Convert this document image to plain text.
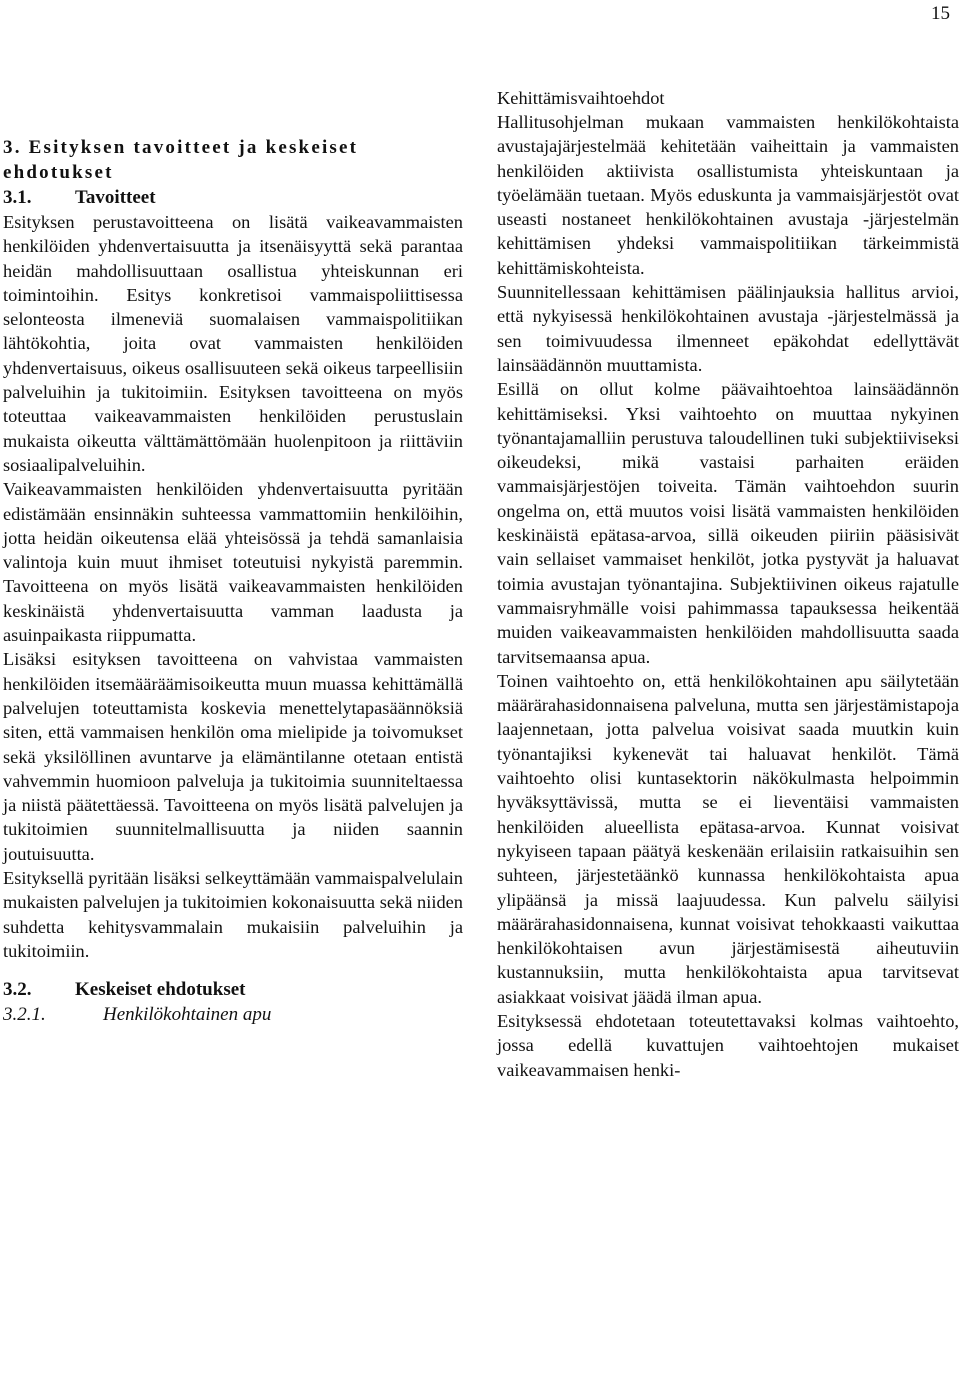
15

3. Esityksen tavoitteet ja keskeiset ehdotukset

3.1. Tavoitteet

Esityksen perustavoitteena on lisätä vaikeavammaisten henkilöiden yhdenvertaisuutta ja itsenäisyyttä sekä parantaa heidän mahdollisuuttaan osallistua yhteiskunnan eri toimintoihin. Esitys konkretisoi vammaispoliittisessa selonteosta ilmeneviä suomalaisen vammaispolitiikan lähtökohtia, joita ovat vammaisten henkilöiden yhdenvertaisuus, oikeus osallisuuteen sekä oikeus tarpeellisiin palveluihin ja tukitoimiin. Esityksen tavoitteena on myös toteuttaa vaikeavammaisten henkilöiden perustuslain mukaista oikeutta välttämättömään huolenpitoon ja riittäviin sosiaalipalveluihin.

Vaikeavammaisten henkilöiden yhdenvertaisuutta pyritään edistämään ensinnäkin suhteessa vammattomiin henkilöihin, jotta heidän oikeutensa elää yhteisössä ja tehdä samanlaisia valintoja kuin muut ihmiset toteutuisi nykyistä paremmin. Tavoitteena on myös lisätä vaikeavammaisten henkilöiden keskinäistä yhdenvertaisuutta vamman laadusta ja asuinpaikasta riippumatta.

Lisäksi esityksen tavoitteena on vahvistaa vammaisten henkilöiden itsemääräämisoikeutta muun muassa kehittämällä palvelujen toteuttamista koskevia menettelytapasäännöksiä siten, että vammaisen henkilön oma mielipide ja toivomukset sekä yksilöllinen avuntarve ja elämäntilanne otetaan entistä vahvemmin huomioon palveluja ja tukitoimia suunniteltaessa ja niistä päätettäessä. Tavoitteena on myös lisätä palvelujen ja tukitoimien suunnitelmallisuutta ja niiden saannin joutuisuutta.

Esityksellä pyritään lisäksi selkeyttämään vammaispalvelulain mukaisten palvelujen ja tukitoimien kokonaisuutta sekä niiden suhdetta kehitysvammalain mukaisiin palveluihin ja tukitoimiin.

3.2. Keskeiset ehdotukset

3.2.1.	Henkilökohtainen apu

Kehittämisvaihtoehdot

Hallitusohjelman mukaan vammaisten henkilökohtaista avustajajärjestelmää kehitetään vaiheittain ja vammaisten henkilöiden aktiivista osallistumista yhteiskuntaan ja työelämään tuetaan. Myös eduskunta ja vammaisjärjestöt ovat useasti nostaneet henkilökohtainen avustaja -järjestelmän kehittämisen yhdeksi vammaispolitiikan tärkeimmistä kehittämiskohteista.

Suunnitellessaan kehittämisen päälinjauksia hallitus arvioi, että nykyisessä henkilökohtainen avustaja -järjestelmässä ja sen toimivuudessa ilmenneet epäkohdat edellyttävät lainsäädännön muuttamista.

Esillä on ollut kolme päävaihtoehtoa lainsäädännön kehittämiseksi. Yksi vaihtoehto on muuttaa nykyinen työnantajamalliin perustuva taloudellinen tuki subjektiiviseksi oikeudeksi, mikä vastaisi parhaiten eräiden vammaisjärjestöjen toiveita. Tämän vaihtoehdon suurin ongelma on, että muutos voisi lisätä vammaisten henkilöiden keskinäistä epätasa-arvoa, sillä oikeuden piiriin pääsisivät vain sellaiset vammaiset henkilöt, jotka pystyvät ja haluavat toimia avustajan työnantajina. Subjektiivinen oikeus rajatulle vammaisryhmälle voisi pahimmassa tapauksessa heikentää muiden vaikeavammaisten henkilöiden mahdollisuutta saada tarvitsemaansa apua.

Toinen vaihtoehto on, että henkilökohtainen apu säilytetään määrärahasidonnaisena palveluna, mutta sen järjestämistapoja laajennetaan, jotta palvelua voisivat saada muutkin kuin työnantajiksi kykenevät tai haluavat henkilöt. Tämä vaihtoehto olisi kuntasektorin näkökulmasta helpoimmin hyväksyttävissä, mutta se ei lieventäisi vammaisten henkilöiden alueellista epätasa-arvoa. Kunnat voisivat nykyiseen tapaan päätyä keskenään erilaisiin ratkaisuihin sen suhteen, järjestetäänkö kunnassa henkilökohtaista apua ylipäänsä ja missä laajuudessa. Kun palvelu säilyisi määrärahasidonnaisena, kunnat voisivat tehokkaasti vaikuttaa henkilökohtaisen avun järjestämisestä aiheutuviin kustannuksiin, mutta henkilökohtaista apua tarvitsevat asiakkaat voisivat jäädä ilman apua.

Esityksessä ehdotetaan toteutettavaksi kolmas vaihtoehto, jossa edellä kuvattujen vaihtoehtojen mukaiset vaikeavammaisen henki-
